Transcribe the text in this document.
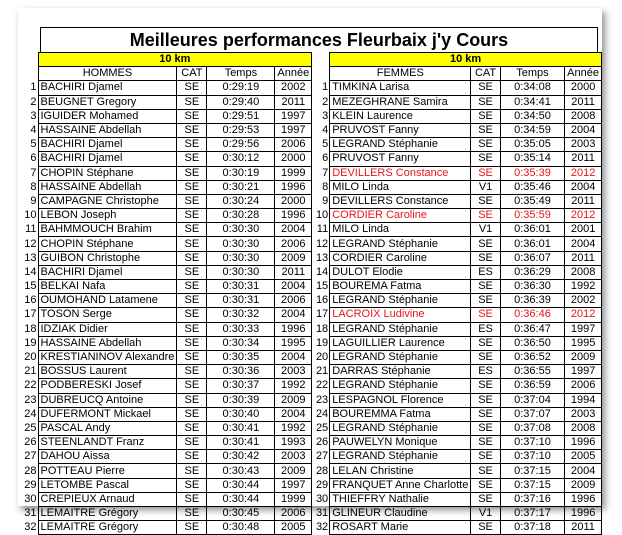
Meilleures performances Fleurbaix j'y Cours
	10 km			
	HOMMES	CAT	Temps	Année
1	BACHIRI Djamel	SE	0:29:19	2002
2	BEUGNET Gregory	SE	0:29:40	2011
3	IGUIDER Mohamed	SE	0:29:51	1997
4	HASSAINE Abdellah	SE	0:29:53	1997
5	BACHIRI Djamel	SE	0:29:56	2006
6	BACHIRI Djamel	SE	0:30:12	2000
7	CHOPIN Stéphane	SE	0:30:19	1999
8	HASSAINE Abdellah	SE	0:30:21	1996
9	CAMPAGNE Christophe	SE	0:30:24	2000
10	LEBON Joseph	SE	0:30:28	1996
11	BAHMMOUCH Brahim	SE	0:30:30	2004
12	CHOPIN Stéphane	SE	0:30:30	2006
13	GUIBON Christophe	SE	0:30:30	2009
14	BACHIRI Djamel	SE	0:30:30	2011
15	BELKAI Nafa	SE	0:30:31	2004
16	OUMOHAND Latamene	SE	0:30:31	2006
17	TOSON Serge	SE	0:30:32	2004
18	IDZIAK Didier	SE	0:30:33	1996
19	HASSAINE Abdellah	SE	0:30:34	1995
20	KRESTIANINOV Alexandre	SE	0:30:35	2004
21	BOSSUS Laurent	SE	0:30:36	2003
22	PODBERESKI Josef	SE	0:30:37	1992
23	DUBREUCQ Antoine	SE	0:30:39	2009
24	DUFERMONT Mickael	SE	0:30:40	2004
25	PASCAL Andy	SE	0:30:41	1992
26	STEENLANDT Franz	SE	0:30:41	1993
27	DAHOU Aissa	SE	0:30:42	2003
28	POTTEAU Pierre	SE	0:30:43	2009
29	LETOMBE Pascal	SE	0:30:44	1997
30	CREPIEUX Arnaud	SE	0:30:44	1999
31	LEMAITRE Grégory	SE	0:30:45	2006
32	LEMAITRE Grégory	SE	0:30:48	2005
	10 km			
	FEMMES	CAT	Temps	Année
1	TIMKINA Larisa	SE	0:34:08	2000
2	MEZEGHRANE Samira	SE	0:34:41	2011
3	KLEIN Laurence	SE	0:34:50	2008
4	PRUVOST Fanny	SE	0:34:59	2004
5	LEGRAND Stéphanie	SE	0:35:05	2003
6	PRUVOST Fanny	SE	0:35:14	2011
7	DEVILLERS Constance	SE	0:35:39	2012
8	MILO Linda	V1	0:35:46	2004
9	DEVILLERS Constance	SE	0:35:49	2011
10	CORDIER Caroline	SE	0:35:59	2012
11	MILO Linda	V1	0:36:01	2001
12	LEGRAND Stéphanie	SE	0:36:01	2004
13	CORDIER Caroline	SE	0:36:07	2011
14	DULOT Elodie	ES	0:36:29	2008
15	BOUREMA Fatma	SE	0:36:30	1992
16	LEGRAND Stéphanie	SE	0:36:39	2002
17	LACROIX Ludivine	SE	0:36:46	2012
18	LEGRAND Stéphanie	ES	0:36:47	1997
19	LAGUILLIER Laurence	SE	0:36:50	1995
20	LEGRAND Stéphanie	SE	0:36:52	2009
21	DARRAS Stéphanie	ES	0:36:55	1997
22	LEGRAND Stéphanie	SE	0:36:59	2006
23	LESPAGNOL Florence	SE	0:37:04	1994
24	BOUREMMA Fatma	SE	0:37:07	2003
25	LEGRAND Stéphanie	SE	0:37:08	2008
26	PAUWELYN Monique	SE	0:37:10	1996
27	LEGRAND Stéphanie	SE	0:37:10	2005
28	LELAN Christine	SE	0:37:15	2004
29	FRANQUET Anne Charlotte	SE	0:37:15	2009
30	THIEFFRY Nathalie	SE	0:37:16	1996
31	GLINEUR Claudine	V1	0:37:17	1996
32	ROSART Marie	SE	0:37:18	2011
